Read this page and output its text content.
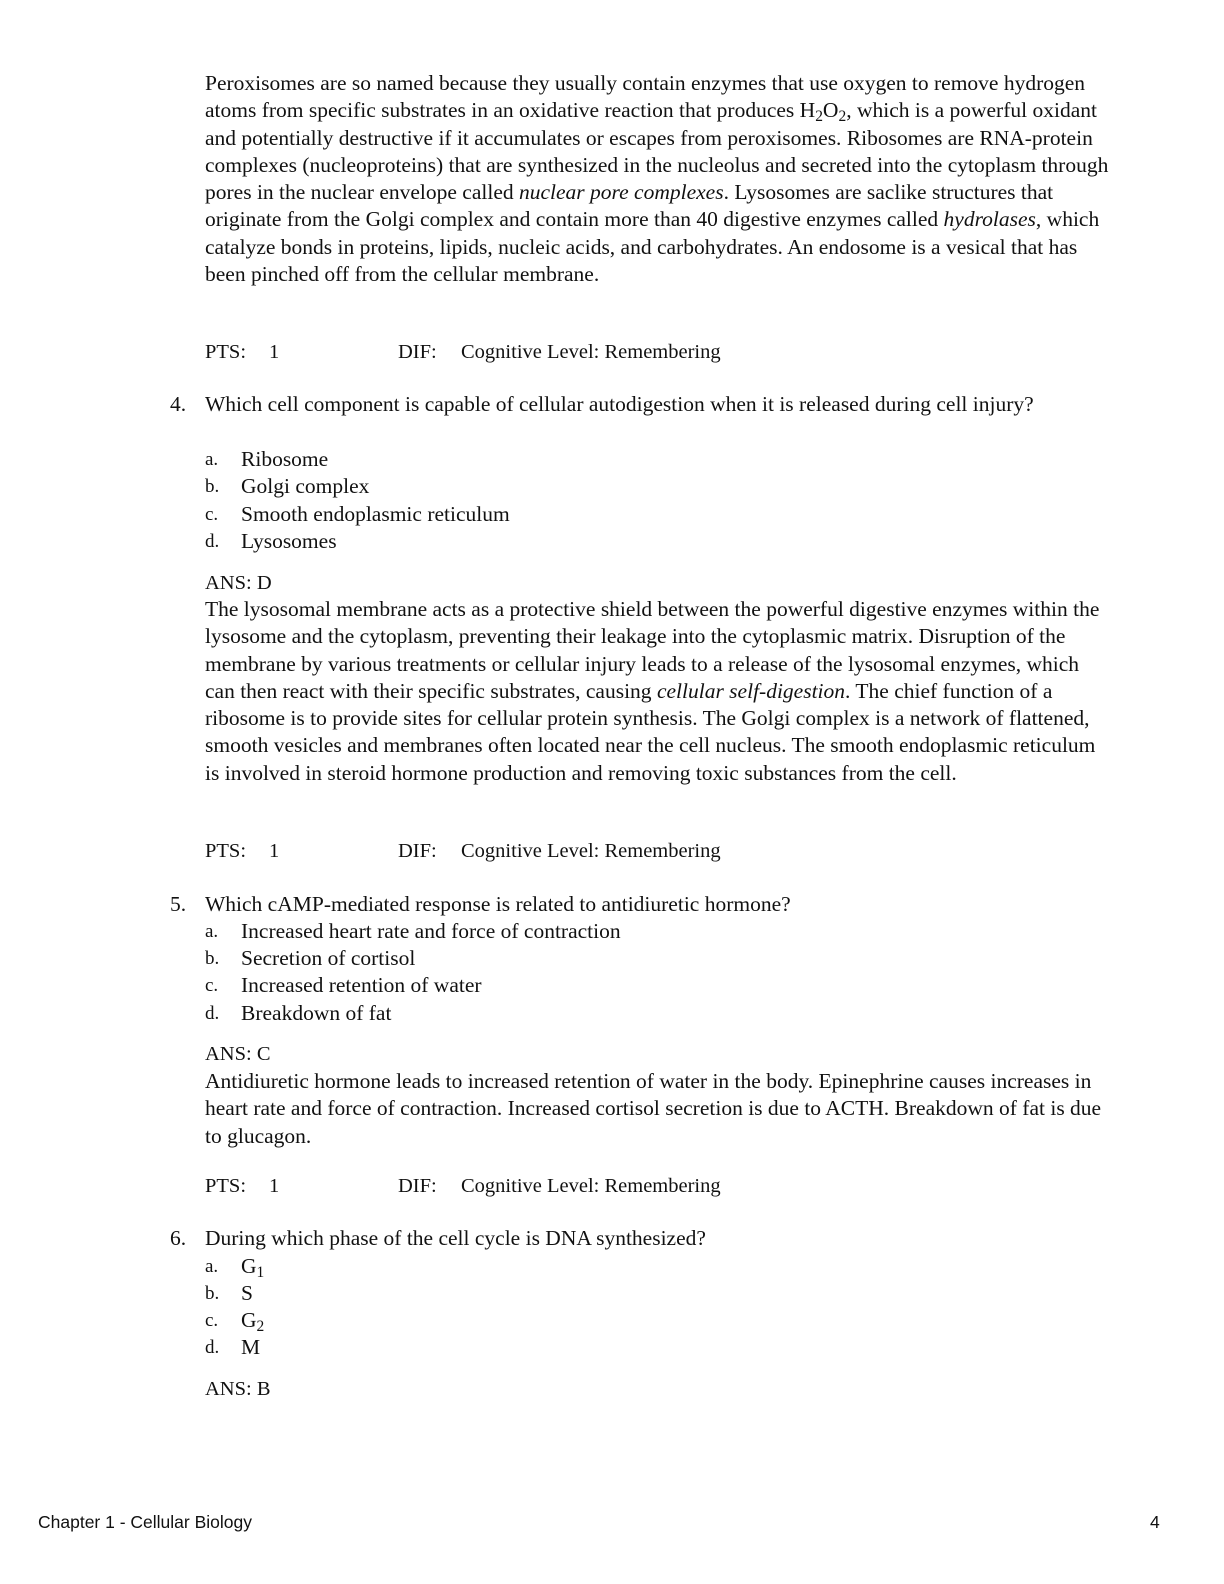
Peroxisomes are so named because they usually contain enzymes that use oxygen to remove hydrogen atoms from specific substrates in an oxidative reaction that produces $H_2O_2$, which is a powerful oxidant and potentially destructive if it accumulates or escapes from peroxisomes. Ribosomes are RNA-protein complexes (nucleoproteins) that are synthesized in the nucleolus and secreted into the cytoplasm through pores in the nuclear envelope called nuclear pore complexes. Lysosomes are saclike structures that originate from the Golgi complex and contain more than 40 digestive enzymes called hydrolases, which catalyze bonds in proteins, lipids, nucleic acids, and carbohydrates. An endosome is a vesical that has been pinched off from the cellular membrane.

PTS: 1	DIF: Cognitive Level: Remembering
4. Which cell component is capable of cellular autodigestion when it is released during cell injury?
a. Ribosome
b. Golgi complex
c. Smooth endoplasmic reticulum
d. Lysosomes
ANS: D

The lysosomal membrane acts as a protective shield between the powerful digestive enzymes within the lysosome and the cytoplasm, preventing their leakage into the cytoplasmic matrix. Disruption of the membrane by various treatments or cellular injury leads to a release of the lysosomal enzymes, which can then react with their specific substrates, causing cellular self-digestion. The chief function of a ribosome is to provide sites for cellular protein synthesis. The Golgi complex is a network of flattened, smooth vesicles and membranes often located near the cell nucleus. The smooth endoplasmic reticulum is involved in steroid hormone production and removing toxic substances from the cell.

PTS: 1	DIF: Cognitive Level: Remembering
5. Which cAMP-mediated response is related to antidiuretic hormone?
a. Increased heart rate and force of contraction
b. Secretion of cortisol
c. Increased retention of water
d. Breakdown of fat
ANS: C

Antidiuretic hormone leads to increased retention of water in the body. Epinephrine causes increases in heart rate and force of contraction. Increased cortisol secretion is due to ACTH. Breakdown of fat is due to glucagon.

PTS: 1	DIF: Cognitive Level: Remembering
6. During which phase of the cell cycle is DNA synthesized?
a. $G_1$
b. S
c. $G_2$
d. M
ANS: B
Chapter 1 - Cellular Biology	4
